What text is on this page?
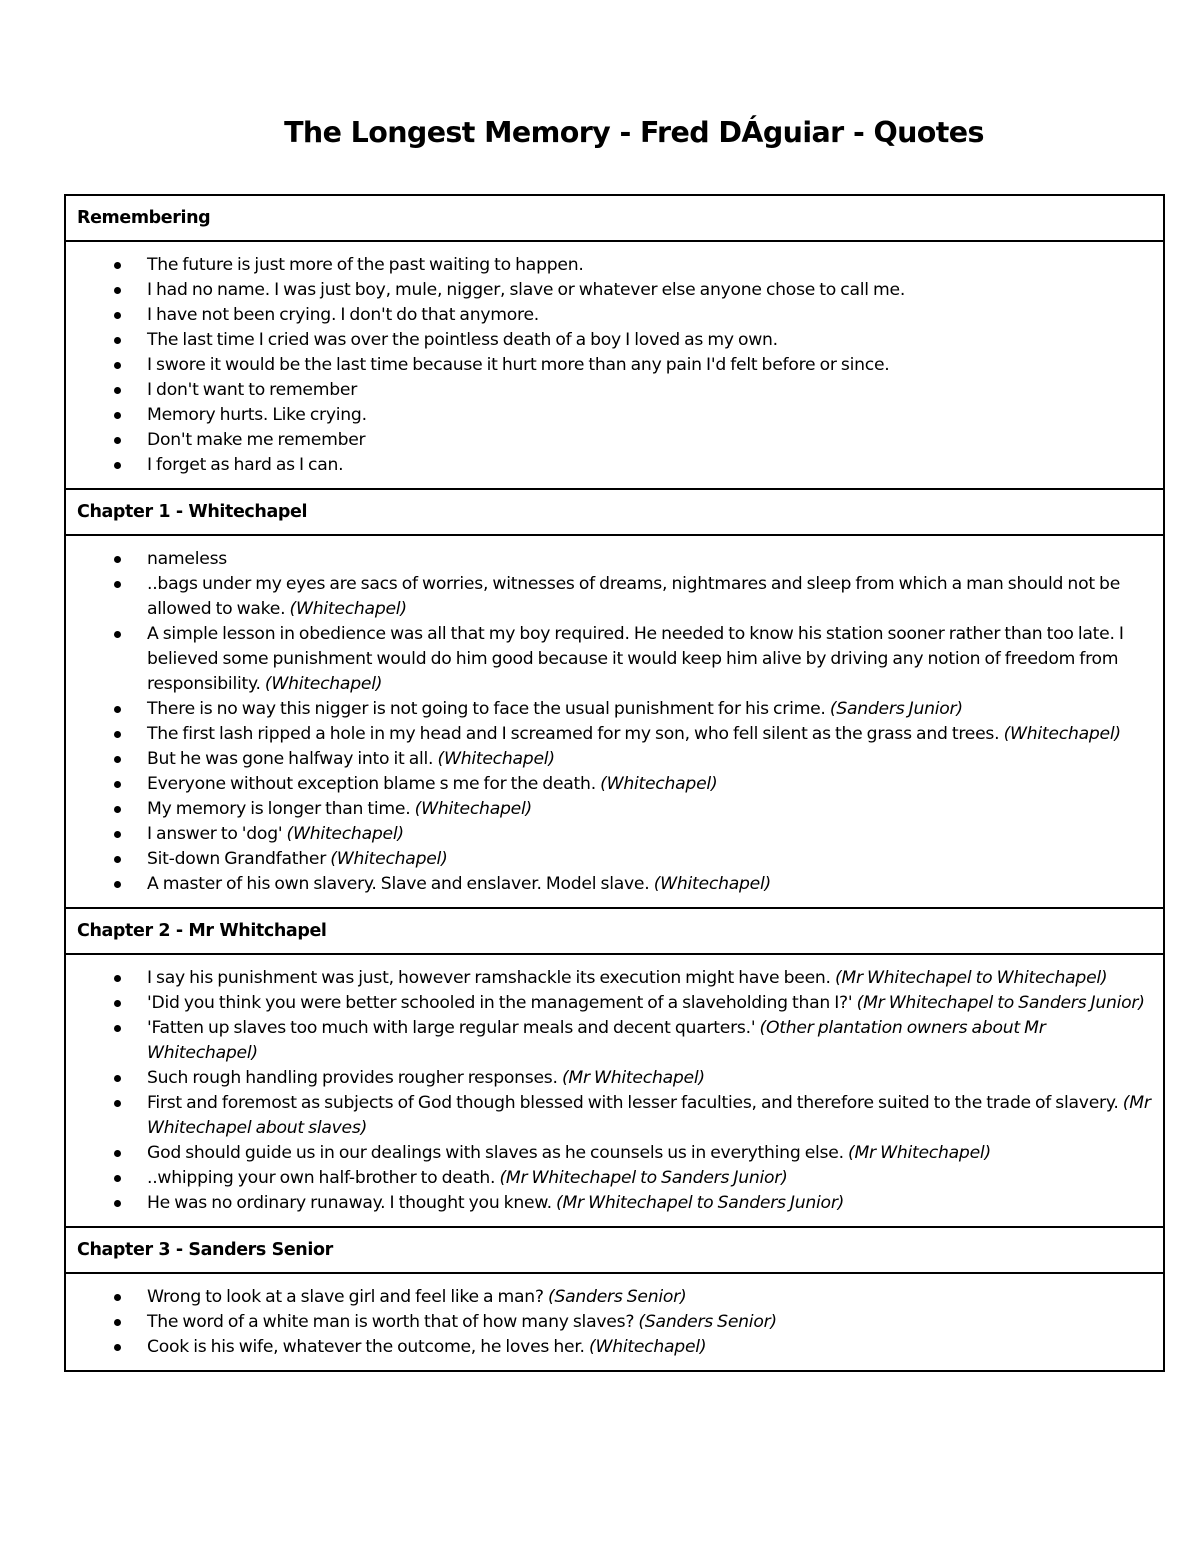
The Longest Memory - Fred DÁguiar - Quotes
Remembering

The future is just more of the past waiting to happen.
I had no name. I was just boy, mule, nigger, slave or whatever else anyone chose to call me.
I have not been crying. I don't do that anymore.
The last time I cried was over the pointless death of a boy I loved as my own.
I swore it would be the last time because it hurt more than any pain I'd felt before or since.
I don't want to remember
Memory hurts. Like crying.
Don't make me remember
I forget as hard as I can.

Chapter 1 - Whitechapel

nameless
..bags under my eyes are sacs of worries, witnesses of dreams, nightmares and sleep from which a man should not be allowed to wake. (Whitechapel)
A simple lesson in obedience was all that my boy required. He needed to know his station sooner rather than too late. I believed some punishment would do him good because it would keep him alive by driving any notion of freedom from responsibility. (Whitechapel)
There is no way this nigger is not going to face the usual punishment for his crime. (Sanders Junior)
The first lash ripped a hole in my head and I screamed for my son, who fell silent as the grass and trees. (Whitechapel)
But he was gone halfway into it all. (Whitechapel)
Everyone without exception blame s me for the death. (Whitechapel)
My memory is longer than time. (Whitechapel)
I answer to 'dog' (Whitechapel)
Sit-down Grandfather (Whitechapel)
A master of his own slavery. Slave and enslaver. Model slave. (Whitechapel)

Chapter 2 - Mr Whitchapel

I say his punishment was just, however ramshackle its execution might have been. (Mr Whitechapel to Whitechapel)
'Did you think you were better schooled in the management of a slaveholding than I?' (Mr Whitechapel to Sanders Junior)
'Fatten up slaves too much with large regular meals and decent quarters.' (Other plantation owners about Mr Whitechapel)
Such rough handling provides rougher responses. (Mr Whitechapel)
First and foremost as subjects of God though blessed with lesser faculties, and therefore suited to the trade of slavery. (Mr Whitechapel about slaves)
God should guide us in our dealings with slaves as he counsels us in everything else. (Mr Whitechapel)
..whipping your own half-brother to death. (Mr Whitechapel to Sanders Junior)
He was no ordinary runaway. I thought you knew. (Mr Whitechapel to Sanders Junior)

Chapter 3 - Sanders Senior

Wrong to look at a slave girl and feel like a man? (Sanders Senior)
The word of a white man is worth that of how many slaves? (Sanders Senior)
Cook is his wife, whatever the outcome, he loves her. (Whitechapel)
